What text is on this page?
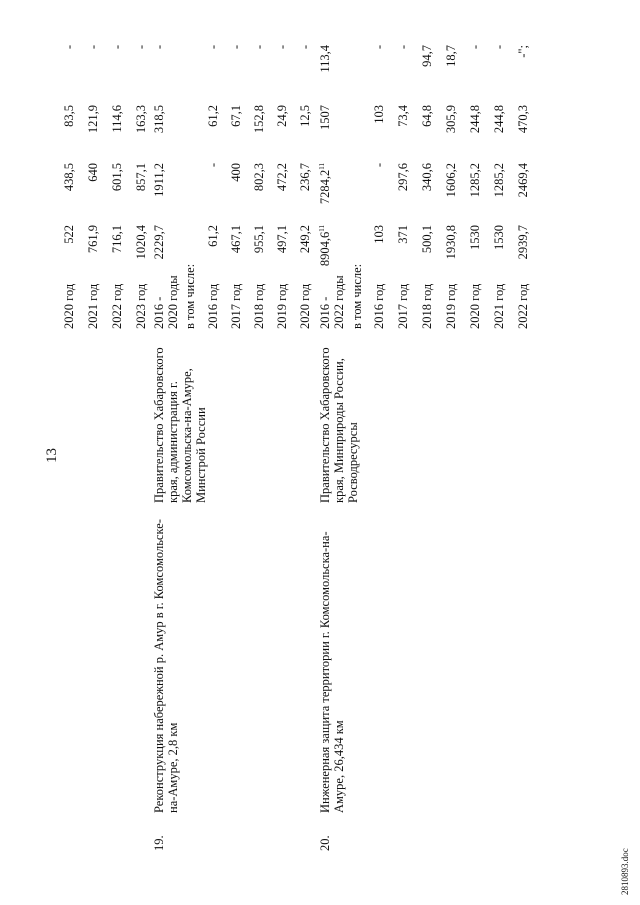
13
2020 год
522
438,5
83,5
-
2021 год
761,9
640
121,9
-
2022 год
716,1
601,5
114,6
-
2023 год
1020,4
857,1
163,3
-
19.
Реконструкция набережной р. Амур в г. Комсомольске-на-Амуре, 2,8 км
Правительство Хабаровского края, администрация г. Комсомольска-на-Амуре, Минстрой России
2016 - 2020 годы
2229,7
1911,2
318,5
-
в том числе: 2016 год
61,2
-
61,2
-
2017 год
467,1
400
67,1
-
2018 год
955,1
802,3
152,8
-
2019 год
497,1
472,2
24,9
-
2020 год
249,2
236,7
12,5
-
20.
Инженерная защита территории г. Комсомольска-на-Амуре, 26,434 км
Правительство Хабаровского края, Минприроды России, Росводресурсы
2016 - 2022 годы
8904,6$^{11}$
7284,2$^{11}$
1507
113,4
в том числе: 2016 год
103
-
103
-
2017 год
371
297,6
73,4
-
2018 год
500,1
340,6
64,8
94,7
2019 год
1930,8
1606,2
305,9
18,7
2020 год
1530
1285,2
244,8
-
2021 год
1530
1285,2
244,8
-
2022 год
2939,7
2469,4
470,3
-";
2810893.doc
